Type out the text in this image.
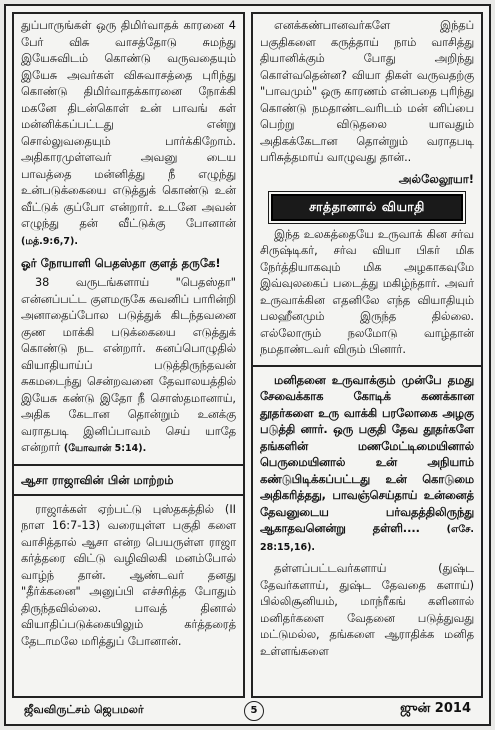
துப்பாருங்கள் ஒரு திமிர்வாதக் காரனை 4 பேர் விசு வாசத்தோடு சுமந்து இயேசுவிடம் கொண்டு வருவதையும் இயேசு அவர்கள் விசுவாசத்தை புரிந்து கொண்டு திமிர்வாதக்காரனை நோக்கி மகனே திடன்கொள் உன் பாவங் கள் மன்னிக்கப்பட்டது என்று சொல்லுவதையும் பார்க்கிறோம். அதிகாரமுள்ளவர் அவனு டைய பாவத்தை மன்னித்து நீ எழுந்து உன்படுக்கையை எடுத்துக் கொண்டு உன் வீட்டுக் குப்போ என்றார். உடனே அவன் எழுந்து தன் வீட்டுக்கு போனான் (மத்.9:6,7).

ஓர் நோயாளி பெதஸ்தா குளத் தருகே!

38 வருடங்களாய் "பெதஸ்தா" என்னப்பட்ட குளமருகே கவனிப் பாரின்றி அனாதைப்போல படுத்துக் கிடந்தவனை குண மாக்கி படுக்கையை எடுத்துக் கொண்டு நட என்றார். சுனப்பொழுதில் வியாதியாய்ப் படுத்திருந்தவன் சுகமடைந்து சென்றவனை தேவாலயத்தில் இயேசு கண்டு இதோ நீ சொஸ்தமானாய், அதிக கேடான தொன்றும் உனக்கு வராதபடி இனிப்பாவம் செய் யாதே என்றார் (யோவான் 5:14).

ஆசா ராஜாவின் பின் மாற்றம்

ராஜாக்கள் ஏற்பட்டு புஸ்தகத்தில் (II நாள 16:7-13) வரையுள்ள பகுதி களை வாசித்தால் ஆசா என்ற பெயருள்ள ராஜா கர்த்தரை விட்டு வழிவிலகி மனம்போல் வாழ்ந் தான். ஆண்டவர் தனது "தீர்க்கனை" அனுப்பி எச்சரித்த போதும் திருந்தவில்லை. பாவத் தினால் வியாதிப்படுக்கையிலும் கர்த்தரைத் தேடாமலே மரித்துப் போனான்.

எனக்கண்பானவர்களே இந்தப் பகுதிகளை கருத்தாய் நாம் வாசித்து தியானிக்கும் போது அறிந்து கொள்வதென்ன? வியா திகள் வருவதற்கு "பாவமும்" ஒரு காரணம் என்பதை புரிந்து கொண்டு நமதாண்டவரிடம் மன் னிப்பை பெற்று விடுதலை யாவதும் அதிகக்கேடான தொன்றும் வராதபடி பரிசுத்தமாய் வாழுவது தான்..

அல்லேலூயா!
சாத்தானால் வியாதி

இந்த உலகத்தையே உருவாக் கின சர்வ சிருஷ்டிகர், சர்வ வியா பிகர் மிக நேர்த்தியாகவும் மிக அழகாகவுமே இவ்வுலகைப் படைத்து மகிழ்ந்தார். அவர் உருவாக்கின எதனிலே எந்த வியாதியும் பலஹீனமும் இருந்த தில்லை. எல்லோரும் நலமோடு வாழ்தான் நமதாண்டவர் விரும் பினார்.

மனிதனை உருவாக்கும் முன்பே தமது சேவைக்காக கோடிக் கணக்கான தூதர்களை உரு வாக்கி பரலோகை அழகு படுத்தி னார். ஒரு பகுதி தேவ தூதர்களே தங்களின் மணமேட்டிமையினால் பெருமையினால் உன் அநியாம் கண்டுபிடிக்கப்பட்டது உன் கொடுமை அதிகரித்தது, பாவஞ்செய்தாய் உன்னைத் தேவனுடைய பர்வதத்திலிருந்து ஆகாதவனென்று தள்ளி....	(எசே. 28:15,16).

தள்ளப்பட்டவர்களாய் (துஷ்ட தேவர்களாய், துஷ்ட தேவதை களாய்) பில்லிசூனியம், மாந்ரீகங் களினால் மனிதர்களை வேதனை படுத்துவது மட்டுமல்ல, தங்களை ஆராதிக்க மனித உள்ளங்களை

ஜீவவிருட்சம் ஜெபமலர்	5	ஜுன் 2014
